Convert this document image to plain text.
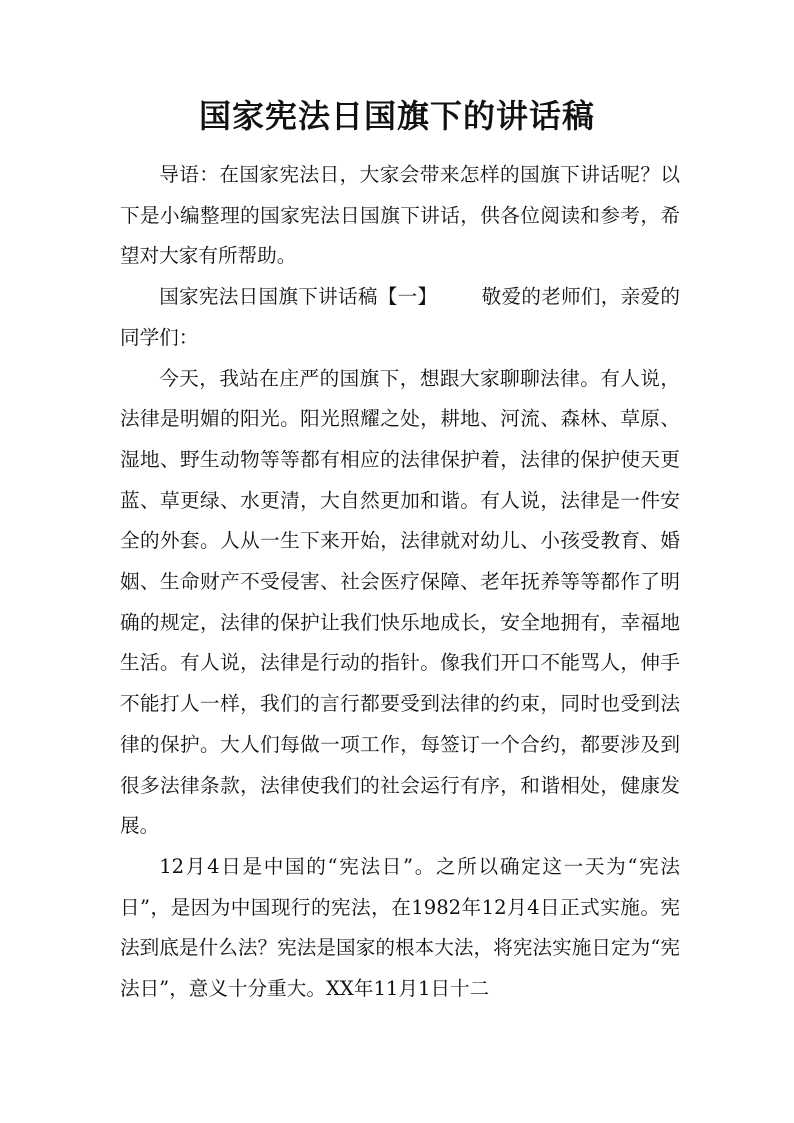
国家宪法日国旗下的讲话稿

导语：在国家宪法日，大家会带来怎样的国旗下讲话呢？以下是小编整理的国家宪法日国旗下讲话，供各位阅读和参考，希望对大家有所帮助。

国家宪法日国旗下讲话稿【一】 敬爱的老师们，亲爱的同学们：

今天，我站在庄严的国旗下，想跟大家聊聊法律。有人说，法律是明媚的阳光。阳光照耀之处，耕地、河流、森林、草原、湿地、野生动物等等都有相应的法律保护着，法律的保护使天更蓝、草更绿、水更清，大自然更加和谐。有人说，法律是一件安全的外套。人从一生下来开始，法律就对幼儿、小孩受教育、婚姻、生命财产不受侵害、社会医疗保障、老年抚养等等都作了明确的规定，法律的保护让我们快乐地成长，安全地拥有，幸福地生活。有人说，法律是行动的指针。像我们开口不能骂人，伸手不能打人一样，我们的言行都要受到法律的约束，同时也受到法律的保护。大人们每做一项工作，每签订一个合约，都要涉及到很多法律条款，法律使我们的社会运行有序，和谐相处，健康发展。

12月4日是中国的“宪法日”。之所以确定这一天为“宪法日”，是因为中国现行的宪法，在1982年12月4日正式实施。宪法到底是什么法？宪法是国家的根本大法，将宪法实施日定为“宪法日”，意义十分重大。XX年11月1日十二
